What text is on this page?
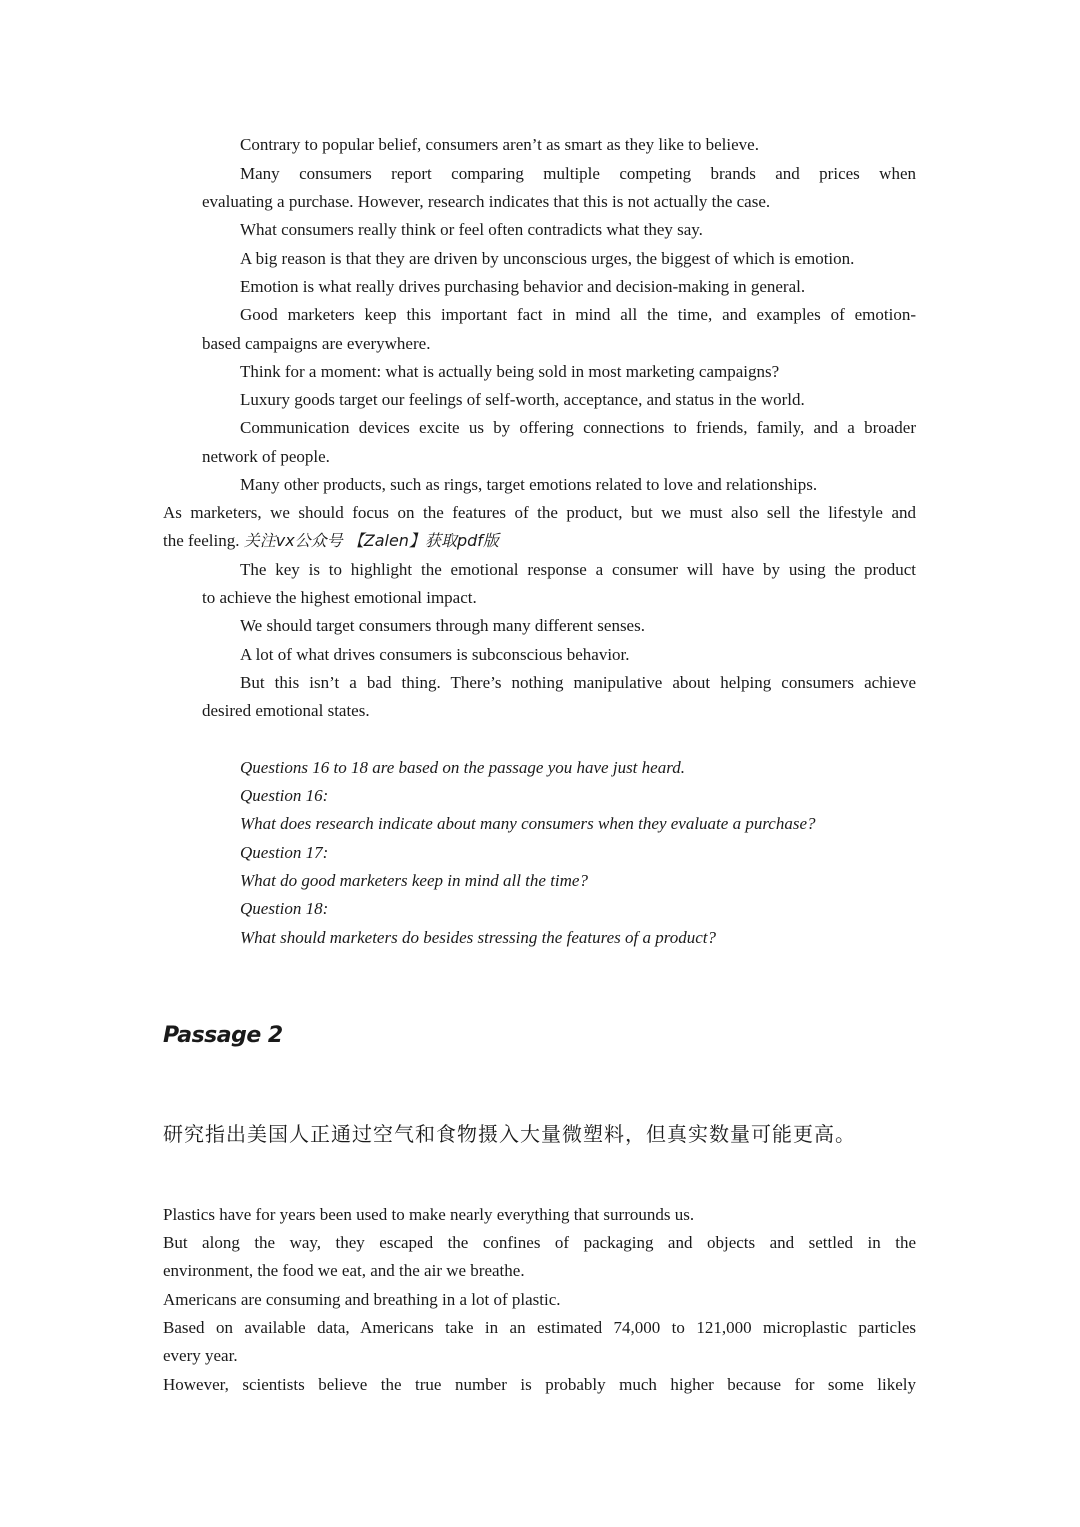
Contrary to popular belief, consumers aren’t as smart as they like to believe.
Many consumers report comparing multiple competing brands and prices when
evaluating a purchase. However, research indicates that this is not actually the case.
What consumers really think or feel often contradicts what they say.
A big reason is that they are driven by unconscious urges, the biggest of which is emotion.
Emotion is what really drives purchasing behavior and decision-making in general.
Good marketers keep this important fact in mind all the time, and examples of emotion-
based campaigns are everywhere.
Think for a moment: what is actually being sold in most marketing campaigns?
Luxury goods target our feelings of self-worth, acceptance, and status in the world.
Communication devices excite us by offering connections to friends, family, and a broader
network of people.
Many other products, such as rings, target emotions related to love and relationships.
As marketers, we should focus on the features of the product, but we must also sell the lifestyle and
the feeling. 关注vx公众号 【Zalen】获取pdf版
The key is to highlight the emotional response a consumer will have by using the product
to achieve the highest emotional impact.
We should target consumers through many different senses.
A lot of what drives consumers is subconscious behavior.
But this isn’t a bad thing. There’s nothing manipulative about helping consumers achieve
desired emotional states.
Questions 16 to 18 are based on the passage you have just heard.
Question 16:
What does research indicate about many consumers when they evaluate a purchase?
Question 17:
What do good marketers keep in mind all the time?
Question 18:
What should marketers do besides stressing the features of a product?
Passage 2
研究指出美国人正通过空气和食物摄入大量微塑料，但真实数量可能更高。
Plastics have for years been used to make nearly everything that surrounds us.
But along the way, they escaped the confines of packaging and objects and settled in the
environment, the food we eat, and the air we breathe.
Americans are consuming and breathing in a lot of plastic.
Based on available data, Americans take in an estimated 74,000 to 121,000 microplastic particles
every year.
However, scientists believe the true number is probably much higher because for some likely
